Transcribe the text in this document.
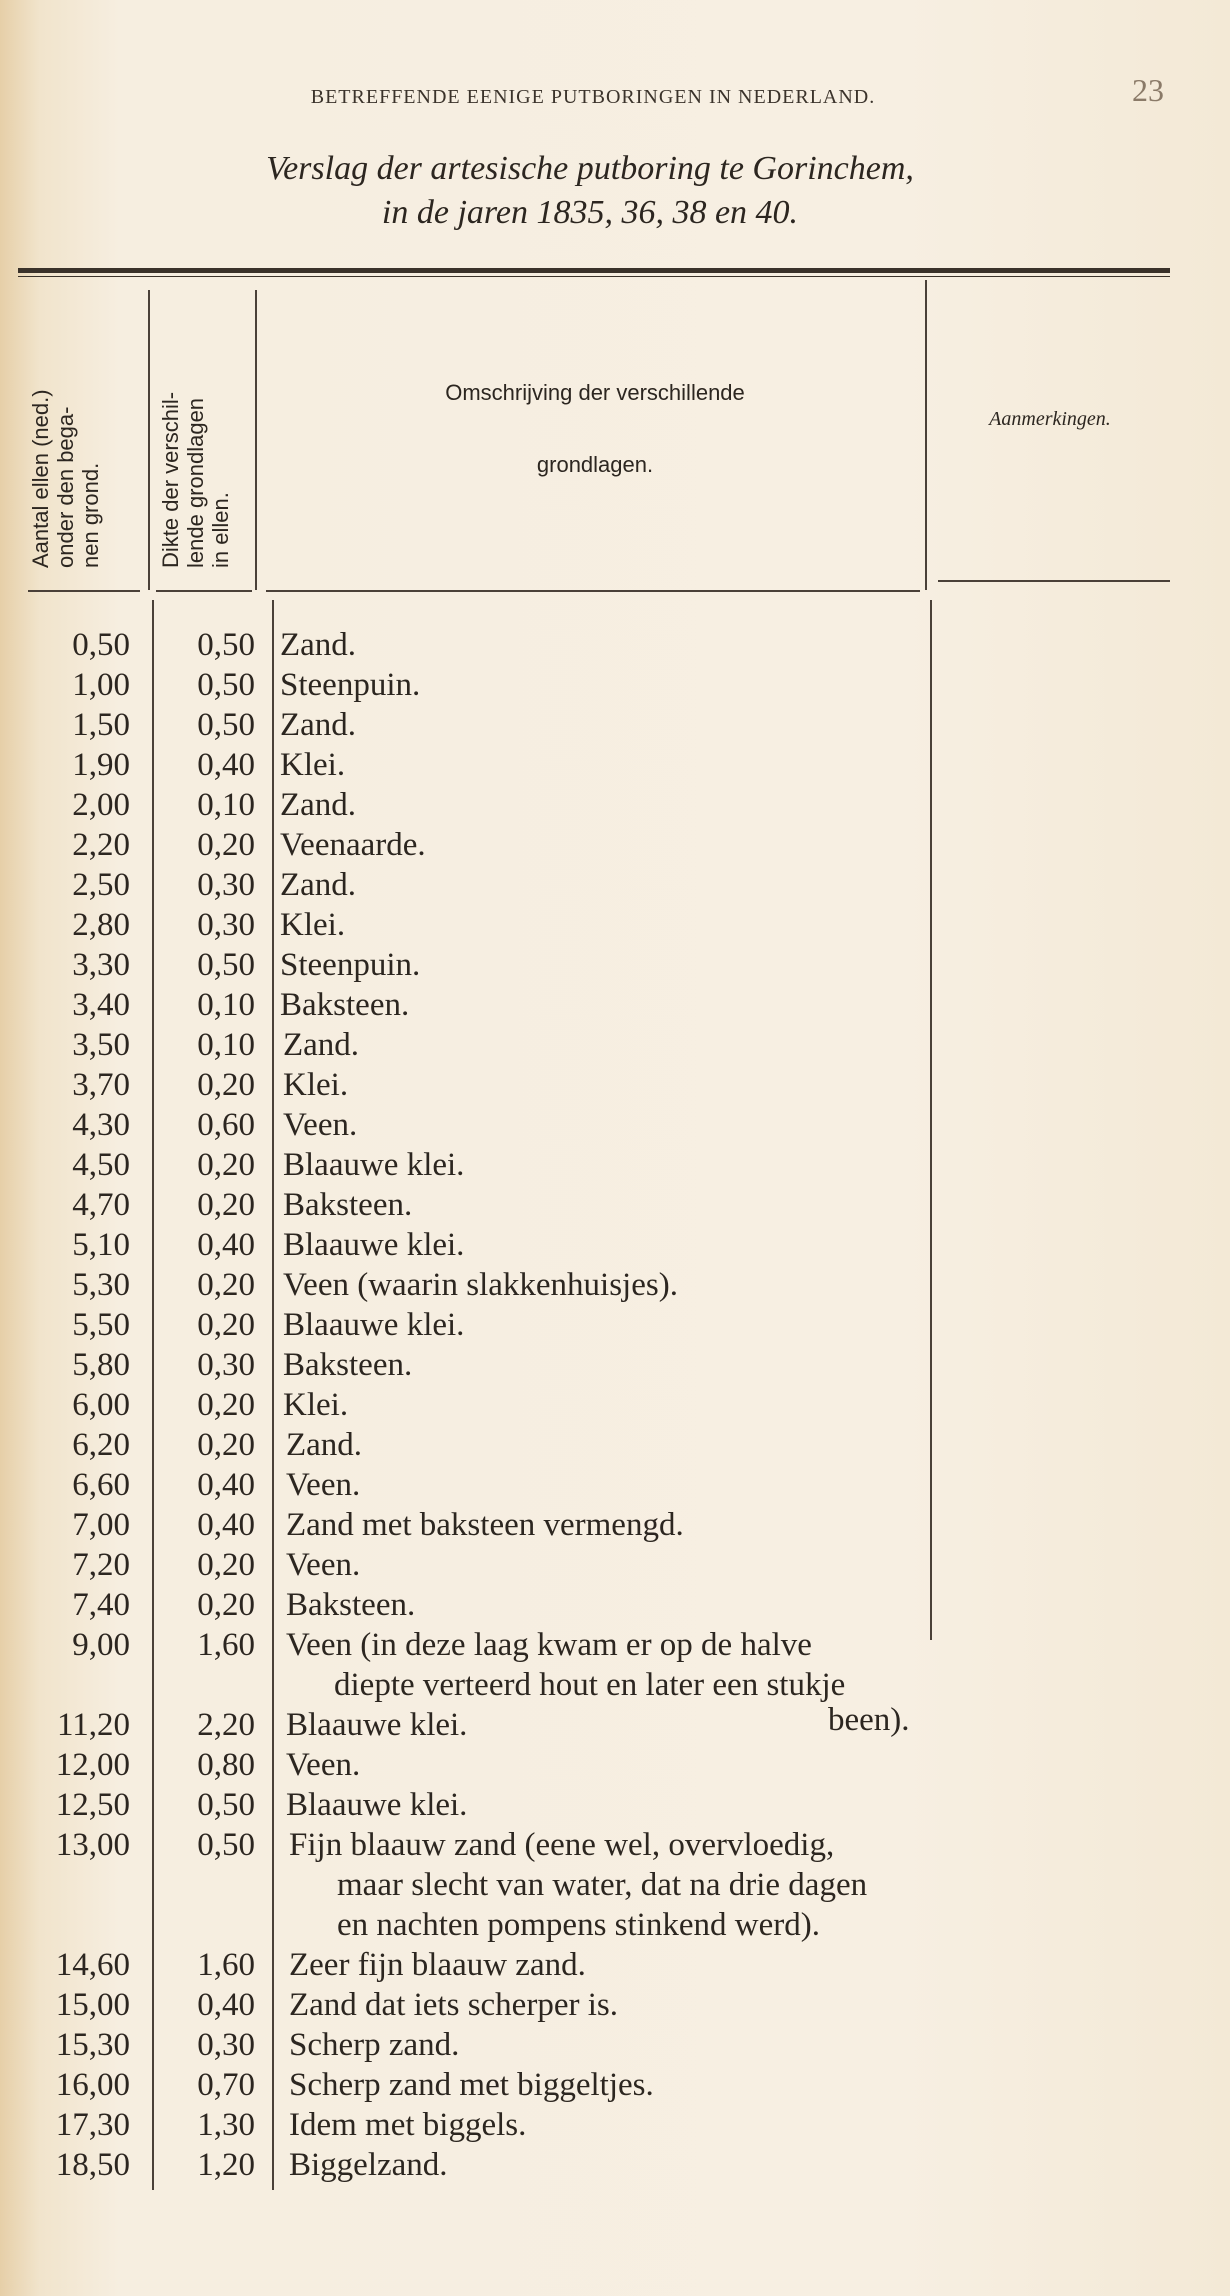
BETREFFENDE EENIGE PUTBORINGEN IN NEDERLAND.	23
Verslag der artesische putboring te Gorinchem,
in de jaren 1835, 36, 38 en 40.
Aantal ellen (ned.) onder den bega- nen grond.	Dikte der verschil- lende grondlagen in ellen.
Omschrijving der verschillende
grondlagen.
Aanmerkingen.
0,50 0,50 Zand.
1,00 0,50 Steenpuin.
1,50 0,50 Zand.
1,90 0,40 Klei.
2,00 0,10 Zand.
2,20 0,20 Veenaarde.
2,50 0,30 Zand.
2,80 0,30 Klei.
3,30 0,50 Steenpuin.
3,40 0,10 Baksteen.
3,50 0,10 Zand.
3,70 0,20 Klei.
4,30 0,60 Veen.
4,50 0,20 Blaauwe klei.
4,70 0,20 Baksteen.
5,10 0,40 Blaauwe klei.
5,30 0,20 Veen (waarin slakkenhuisjes).
5,50 0,20 Blaauwe klei.
5,80 0,30 Baksteen.
6,00 0,20 Klei.
6,20 0,20 Zand.
6,60 0,40 Veen.
7,00 0,40 Zand met baksteen vermengd.
7,20 0,20 Veen.
7,40 0,20 Baksteen.
9,00 1,60 Veen (in deze laag kwam er op de halve
diepte verteerd hout en later een stukje
11,20 2,20 Blaauwe klei.
12,00 0,80 Veen.
12,50 0,50 Blaauwe klei.
13,00 0,50 Fijn blaauw zand (eene wel, overvloedig,
maar slecht van water, dat na drie dagen
en nachten pompens stinkend werd).
14,60 1,60 Zeer fijn blaauw zand.
15,00 0,40 Zand dat iets scherper is.
15,30 0,30 Scherp zand.
16,00 0,70 Scherp zand met biggeltjes.
17,30 1,30 Idem met biggels.
18,50 1,20 Biggelzand.
been).
